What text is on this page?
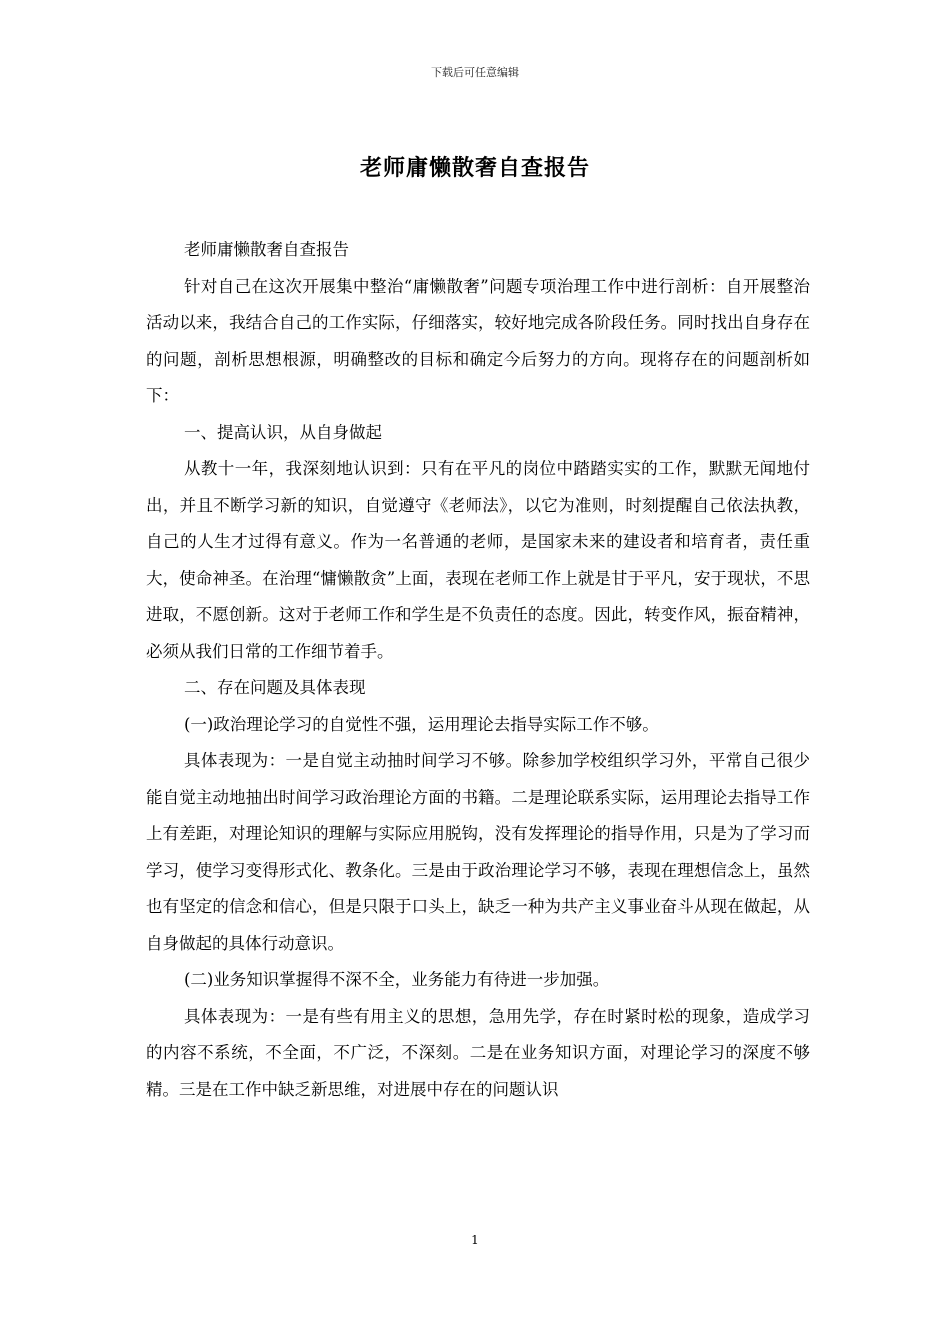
下载后可任意编辑
老师庸懒散奢自查报告

老师庸懒散奢自查报告

针对自己在这次开展集中整治“庸懒散奢”问题专项治理工作中进行剖析：自开展整治活动以来，我结合自己的工作实际，仔细落实，较好地完成各阶段任务。同时找出自身存在的问题，剖析思想根源，明确整改的目标和确定今后努力的方向。现将存在的问题剖析如下：

一、提高认识，从自身做起

从教十一年，我深刻地认识到：只有在平凡的岗位中踏踏实实的工作，默默无闻地付出，并且不断学习新的知识，自觉遵守《老师法》，以它为准则，时刻提醒自己依法执教，自己的人生才过得有意义。作为一名普通的老师，是国家未来的建设者和培育者，责任重大，使命神圣。在治理“慵懒散贪”上面，表现在老师工作上就是甘于平凡，安于现状，不思进取，不愿创新。这对于老师工作和学生是不负责任的态度。因此，转变作风，振奋精神，必须从我们日常的工作细节着手。

二、存在问题及具体表现

(一)政治理论学习的自觉性不强，运用理论去指导实际工作不够。

具体表现为：一是自觉主动抽时间学习不够。除参加学校组织学习外，平常自己很少能自觉主动地抽出时间学习政治理论方面的书籍。二是理论联系实际，运用理论去指导工作上有差距，对理论知识的理解与实际应用脱钩，没有发挥理论的指导作用，只是为了学习而学习，使学习变得形式化、教条化。三是由于政治理论学习不够，表现在理想信念上，虽然也有坚定的信念和信心，但是只限于口头上，缺乏一种为共产主义事业奋斗从现在做起，从自身做起的具体行动意识。

(二)业务知识掌握得不深不全，业务能力有待进一步加强。

具体表现为：一是有些有用主义的思想，急用先学，存在时紧时松的现象，造成学习的内容不系统，不全面，不广泛，不深刻。二是在业务知识方面，对理论学习的深度不够精。三是在工作中缺乏新思维，对进展中存在的问题认识

1
